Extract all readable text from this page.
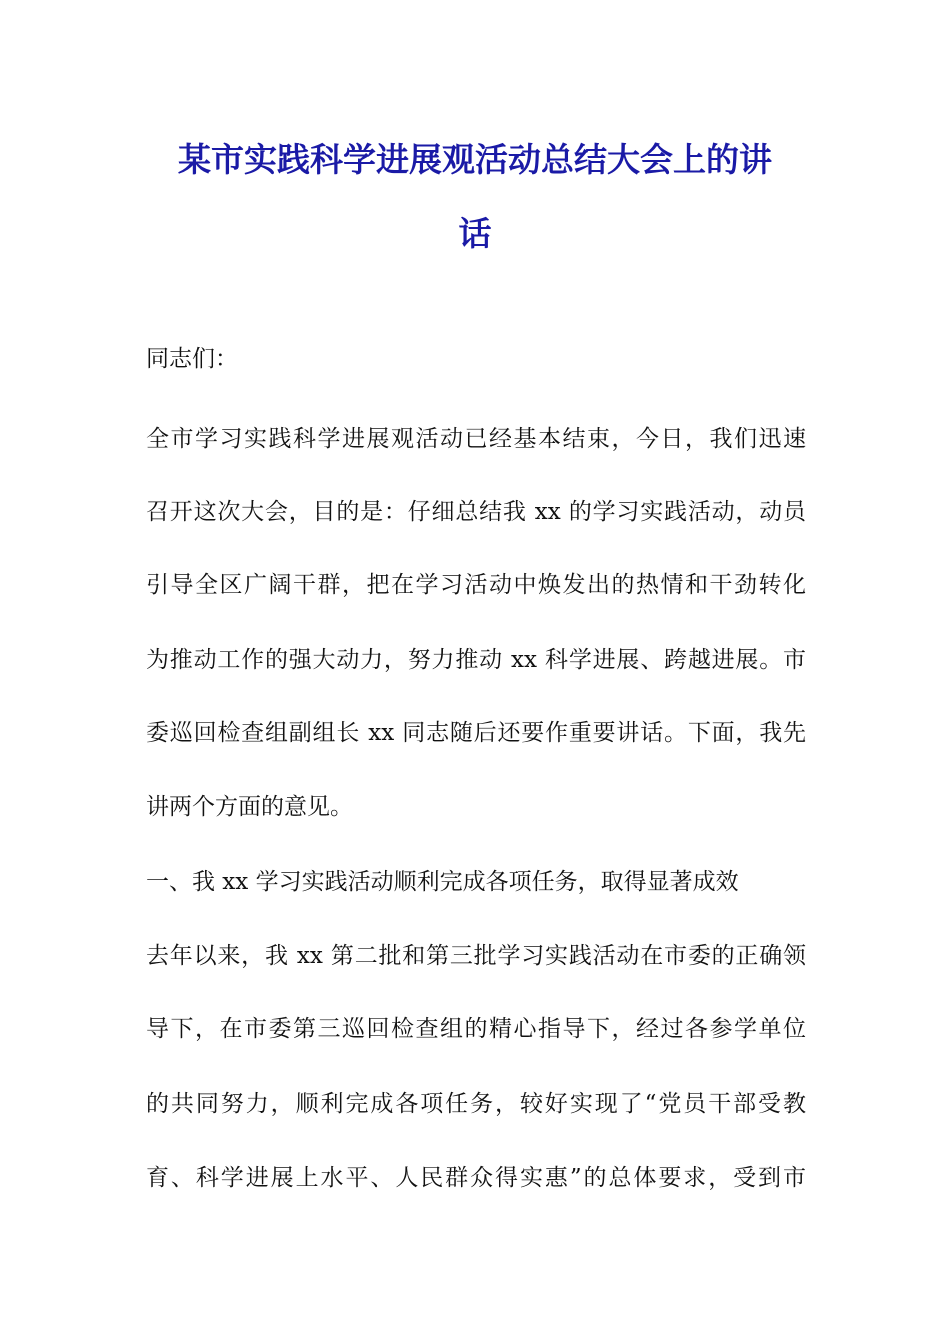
某市实践科学进展观活动总结大会上的讲
话

同志们：

全市学习实践科学进展观活动已经基本结束，今日，我们迅速

召开这次大会，目的是：仔细总结我 xx 的学习实践活动，动员

引导全区广阔干群，把在学习活动中焕发出的热情和干劲转化

为推动工作的强大动力，努力推动 xx 科学进展、跨越进展。市

委巡回检查组副组长 xx 同志随后还要作重要讲话。下面，我先

讲两个方面的意见。

一、我 xx 学习实践活动顺利完成各项任务，取得显著成效

去年以来，我 xx 第二批和第三批学习实践活动在市委的正确领

导下，在市委第三巡回检查组的精心指导下，经过各参学单位

的共同努力，顺利完成各项任务，较好实现了“党员干部受教

育、科学进展上水平、人民群众得实惠”的总体要求，受到市
